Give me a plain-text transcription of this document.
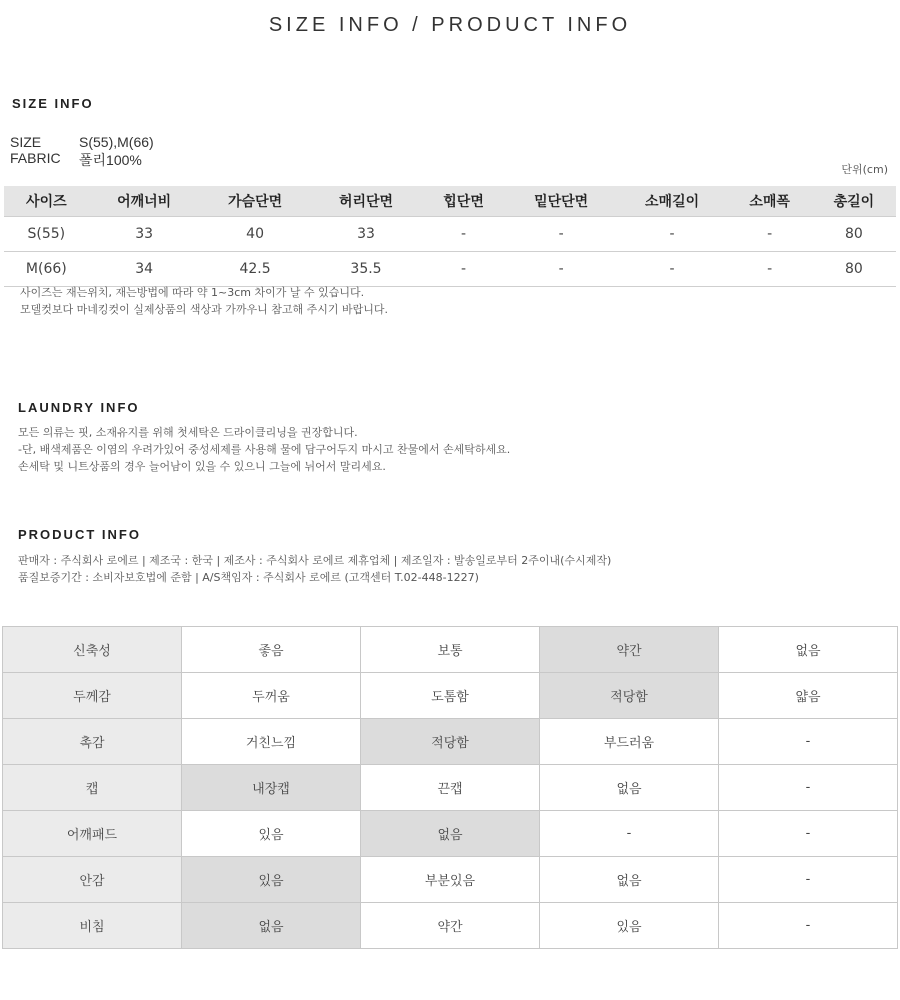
SIZE INFO / PRODUCT INFO
SIZE INFO
SIZE	S(55),M(66)
FABRIC	폴리100%
단위(cm)
사이즈	어깨너비	가슴단면	허리단면	힙단면	밑단단면	소매길이	소매폭	총길이
S(55)	33	40	33	-	-	-	-	80
M(66)	34	42.5	35.5	-	-	-	-	80
사이즈는 재는위치, 재는방법에 따라 약 1~3cm 차이가 날 수 있습니다.
모델컷보다 마네킹컷이 실제상품의 색상과 가까우니 참고해 주시기 바랍니다.
LAUNDRY INFO
모든 의류는 핏, 소재유지를 위해 첫세탁은 드라이클리닝을 권장합니다.
-단, 배색제품은 이염의 우려가있어 중성세제를 사용해 물에 담구어두지 마시고 찬물에서 손세탁하세요.
손세탁 및 니트상품의 경우 늘어남이 있을 수 있으니 그늘에 뉘어서 말리세요.
PRODUCT INFO
판매자 : 주식회사 로에르 | 제조국 : 한국 | 제조사 : 주식회사 로에르 제휴업체 | 제조일자 : 발송일로부터 2주이내(수시제작)
품질보증기간 : 소비자보호법에 준함 | A/S책임자 : 주식회사 로에르 (고객센터 T.02-448-1227)
신축성	좋음	보통	약간	없음
두께감	두꺼움	도톰함	적당함	얇음
촉감	거친느낌	적당함	부드러움	-
캡	내장캡	끈캡	없음	-
어깨패드	있음	없음	-	-
안감	있음	부분있음	없음	-
비침	없음	약간	있음	-
